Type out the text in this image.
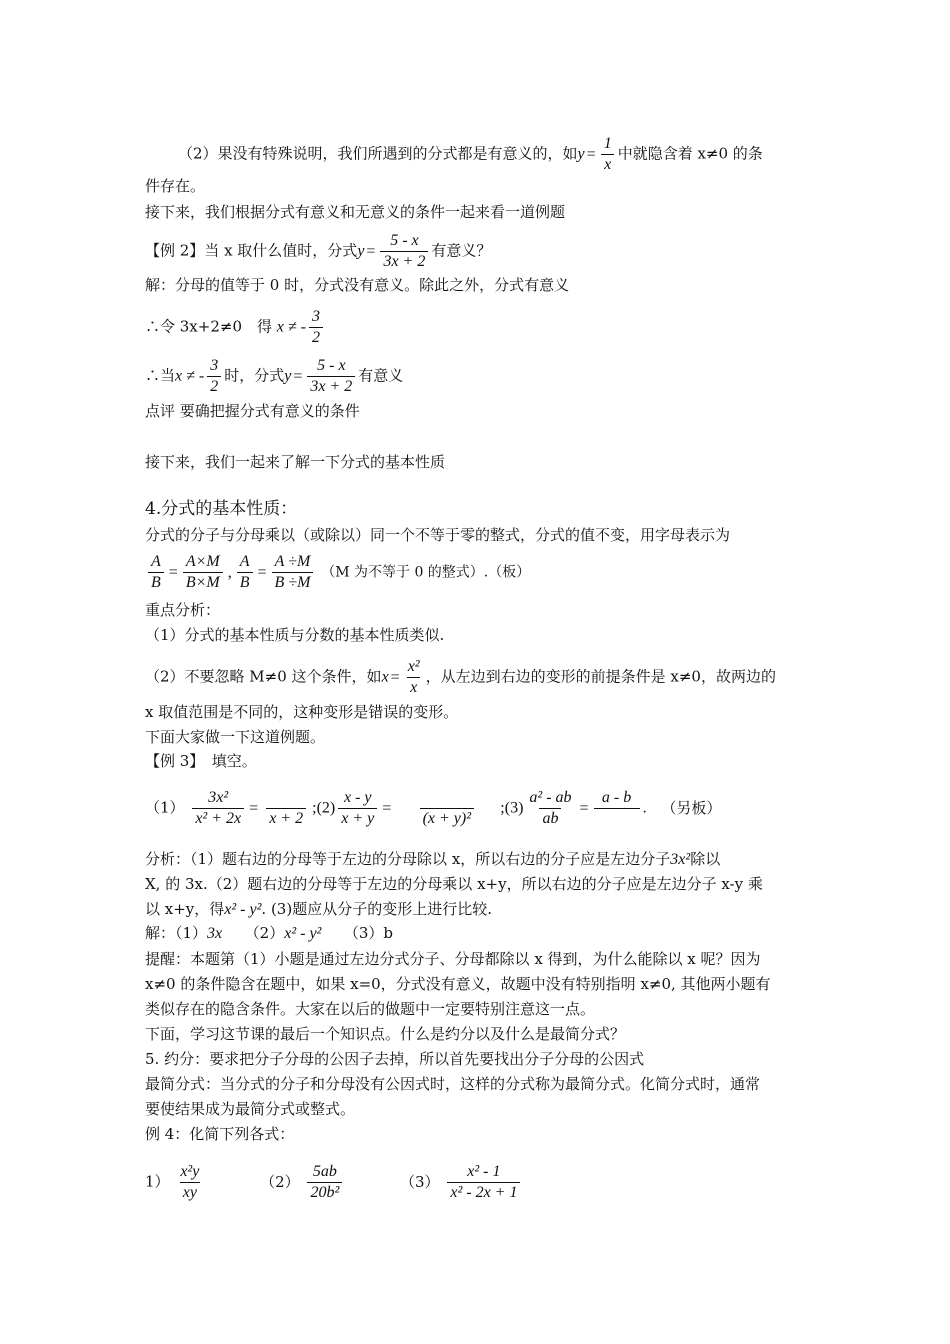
（2）果没有特殊说明，我们所遇到的分式都是有意义的，如$y = \frac{1}{x}$ 中就隐含着 x≠0 的条
件存在。
接下来，我们根据分式有意义和无意义的条件一起来看一道例题
【例 2】当 x 取什么值时，分式$y = \frac{5 - x}{3x + 2}$ 有意义？
解：分母的值等于 0 时，分式没有意义。除此之外，分式有意义
∴令 3x+2≠0　得 x ≠ - $\frac{3}{2}$
∴当x ≠ - $\frac{3}{2}$ 时，分式$y = \frac{5 - x}{3x + 2}$ 有意义
点评 要确把握分式有意义的条件
接下来，我们一起来了解一下分式的基本性质
4.分式的基本性质：
分式的分子与分母乘以（或除以）同一个不等于零的整式，分式的值不变，用字母表示为
$\frac{A}{B} = \frac{A\times M}{B\times M}$ , $\frac{A}{B} = \frac{A \div M}{B \div M} (M$ 为不等于 0 的整式）.（板）
重点分析：
（1）分式的基本性质与分数的基本性质类似.
（2）不要忽略 M≠0 这个条件，如$x = \frac{\text{x²}}{x}$ ，从左边到右边的变形的前提条件是 x≠0，故两边的
x 取值范围是不同的，这种变形是错误的变形。
下面大家做一下这道例题。
【例 3】　填空。
$(1) \frac{\text{3x²}}{\text{x² + 2x}}$ =
x + 2
;(2) $\frac{x - y}{x + y}$ =
(x + y)²
;(3) $\frac{\text{a² - ab}}{ab}$ =
a - b
. （另板）
分析：（1）题右边的分母等于左边的分母除以 x，所以右边的分子应是左边分子3x²除以
X, 的 3x.（2）题右边的分母等于左边的分母乘以 x+y，所以右边的分子应是左边分子 x-y 乘
以 x+y，得x² - y². (3)题应从分子的变形上进行比较.
解：（1）3x　　 （2）x² - y²　　 （3）b
提醒：本题第（1）小题是通过左边分式分子、分母都除以 x 得到，为什么能除以 x 呢？因为
x≠0 的条件隐含在题中，如果 x=0，分式没有意义，故题中没有特别指明 x≠0, 其他两小题有
类似存在的隐含条件。大家在以后的做题中一定要特别注意这一点。
下面，学习这节课的最后一个知识点。什么是约分以及什么是最简分式？
5. 约分：要求把分子分母的公因子去掉，所以首先要找出分子分母的公因式
最简分式：当分式的分子和分母没有公因式时，这样的分式称为最简分式。化简分式时，通常
要使结果成为最简分式或整式。
例 4：化简下列各式：
$1) \frac{\text{x²y}}{xy}$	$(2) \frac{5ab}{\text{20b²}}$	$(3) \frac{\text{x² - 1}}{\text{x² - 2x + 1}}$
